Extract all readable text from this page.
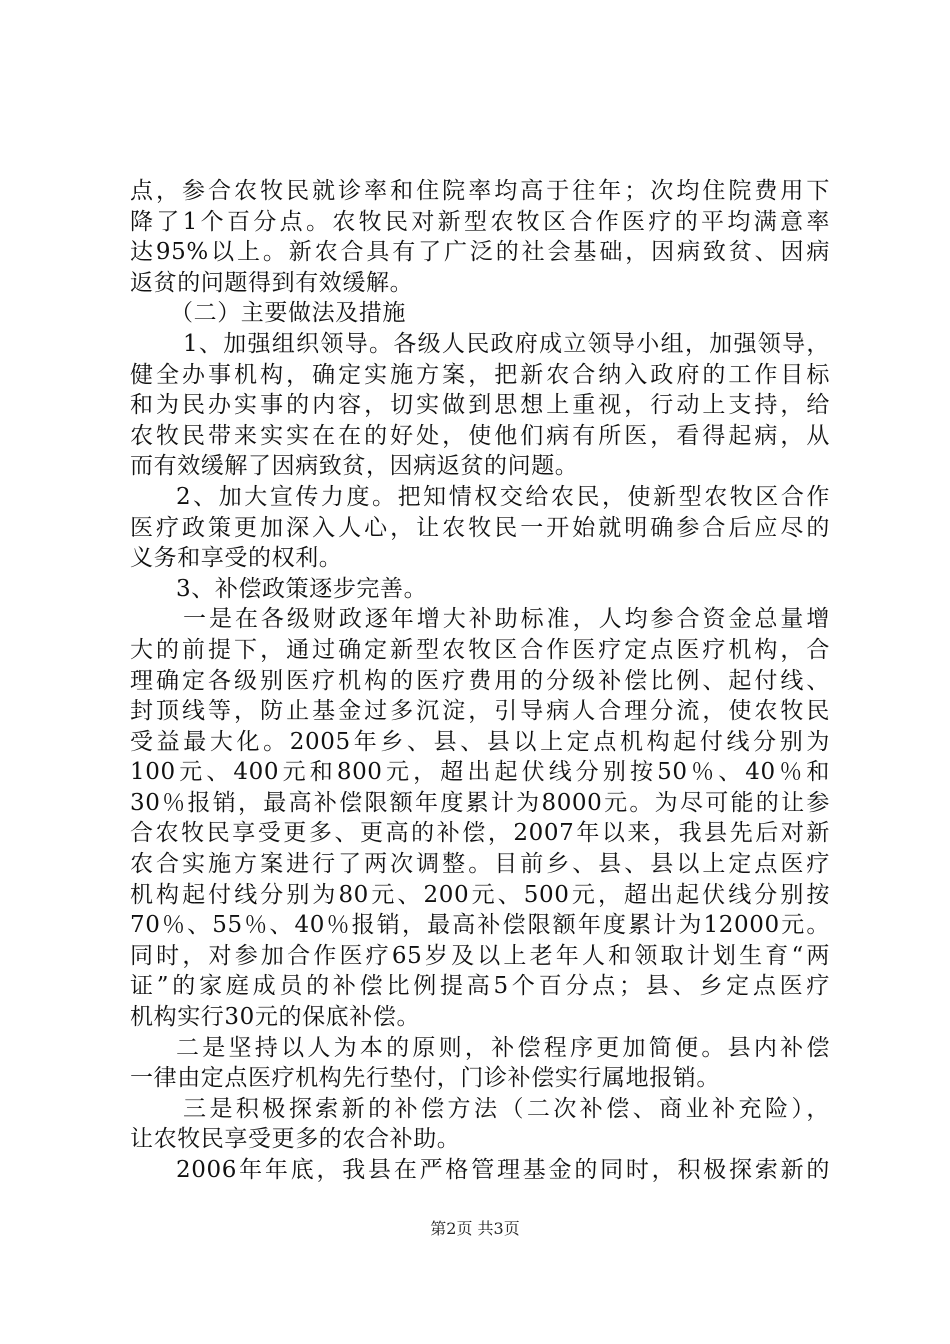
点，参合农牧民就诊率和住院率均高于往年；次均住院费用下
降了1个百分点。农牧民对新型农牧区合作医疗的平均满意率
达95%以上。新农合具有了广泛的社会基础，因病致贫、因病
返贫的问题得到有效缓解。
（二）主要做法及措施
1、加强组织领导。各级人民政府成立领导小组，加强领导，
健全办事机构，确定实施方案，把新农合纳入政府的工作目标
和为民办实事的内容，切实做到思想上重视，行动上支持，给
农牧民带来实实在在的好处，使他们病有所医，看得起病，从
而有效缓解了因病致贫，因病返贫的问题。
2、加大宣传力度。把知情权交给农民，使新型农牧区合作
医疗政策更加深入人心，让农牧民一开始就明确参合后应尽的
义务和享受的权利。
3、补偿政策逐步完善。
一是在各级财政逐年增大补助标准，人均参合资金总量增
大的前提下，通过确定新型农牧区合作医疗定点医疗机构，合
理确定各级别医疗机构的医疗费用的分级补偿比例、起付线、
封顶线等，防止基金过多沉淀，引导病人合理分流，使农牧民
受益最大化。2005年乡、县、县以上定点机构起付线分别为
100元、400元和800元，超出起伏线分别按50％、40％和
30％报销，最高补偿限额年度累计为8000元。为尽可能的让参
合农牧民享受更多、更高的补偿，2007年以来，我县先后对新
农合实施方案进行了两次调整。目前乡、县、县以上定点医疗
机构起付线分别为80元、200元、500元，超出起伏线分别按
70％、55％、40％报销，最高补偿限额年度累计为12000元。
同时，对参加合作医疗65岁及以上老年人和领取计划生育“两
证”的家庭成员的补偿比例提高5个百分点；县、乡定点医疗
机构实行30元的保底补偿。
二是坚持以人为本的原则，补偿程序更加简便。县内补偿
一律由定点医疗机构先行垫付，门诊补偿实行属地报销。
三是积极探索新的补偿方法（二次补偿、商业补充险），
让农牧民享受更多的农合补助。
2006年年底，我县在严格管理基金的同时，积极探索新的
第2页 共3页
